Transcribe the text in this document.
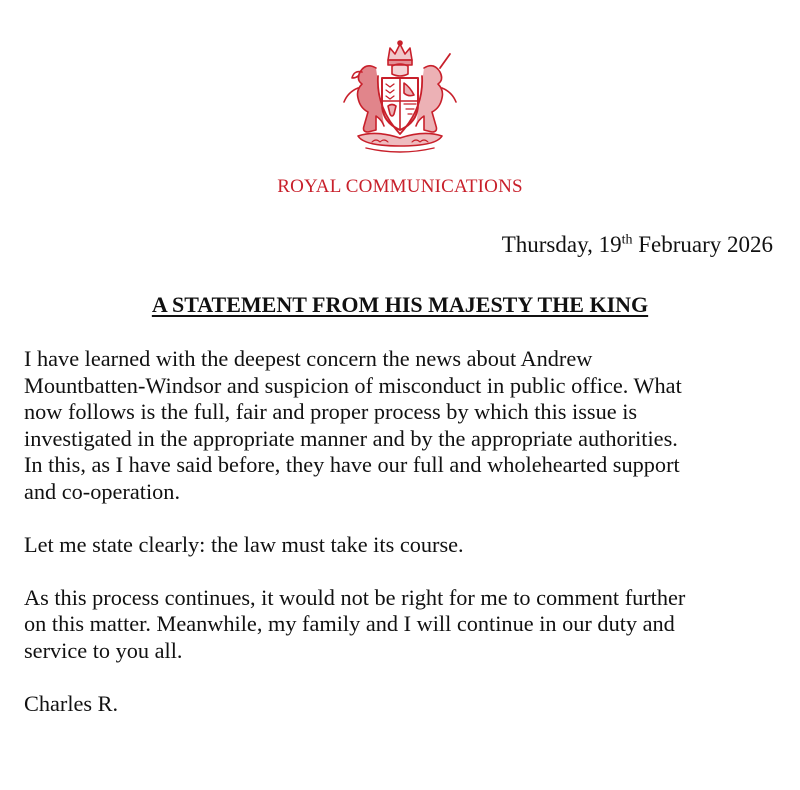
ROYAL COMMUNICATIONS
Thursday, 19th February 2026
A STATEMENT FROM HIS MAJESTY THE KING

I have learned with the deepest concern the news about Andrew
Mountbatten-Windsor and suspicion of misconduct in public office. What
now follows is the full, fair and proper process by which this issue is
investigated in the appropriate manner and by the appropriate authorities.
In this, as I have said before, they have our full and wholehearted support
and co-operation.

Let me state clearly: the law must take its course.

As this process continues, it would not be right for me to comment further
on this matter. Meanwhile, my family and I will continue in our duty and
service to you all.

Charles R.
